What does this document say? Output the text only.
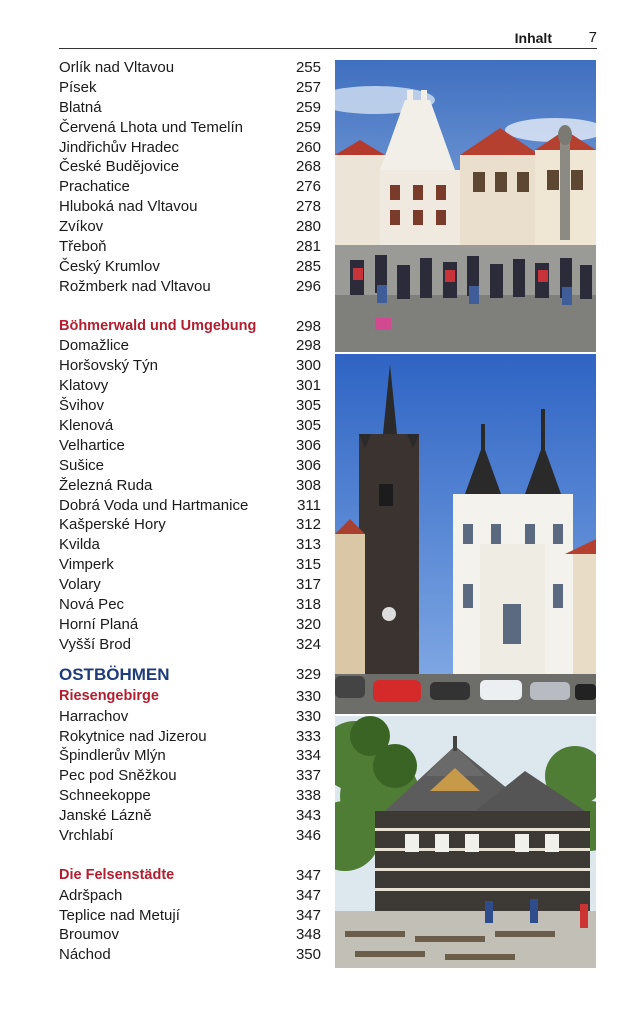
Inhalt 7
Orlík nad Vltavou	255
Písek	257
Blatná	259
Červená Lhota und Temelín	259
Jindřichův Hradec	260
České Budějovice	268
Prachatice	276
Hluboká nad Vltavou	278
Zvíkov	280
Třeboň	281
Český Krumlov	285
Rožmberk nad Vltavou	296
Böhmerwald und Umgebung	298
Domažlice	298
Horšovský Týn	300
Klatovy	301
Švihov	305
Klenová	305
Velhartice	306
Sušice	306
Železná Ruda	308
Dobrá Voda und Hartmanice	311
Kašperské Hory	312
Kvilda	313
Vimperk	315
Volary	317
Nová Pec	318
Horní Planá	320
Vyšší Brod	324
OSTBÖHMEN	329
Riesengebirge	330
Harrachov	330
Rokytnice nad Jizerou	333
Špindlerův Mlýn	334
Pec pod Sněžkou	337
Schneekoppe	338
Janské Lázně	343
Vrchlabí	346
Die Felsenstädte	347
Adršpach	347
Teplice nad Metují	347
Broumov	348
Náchod	350
